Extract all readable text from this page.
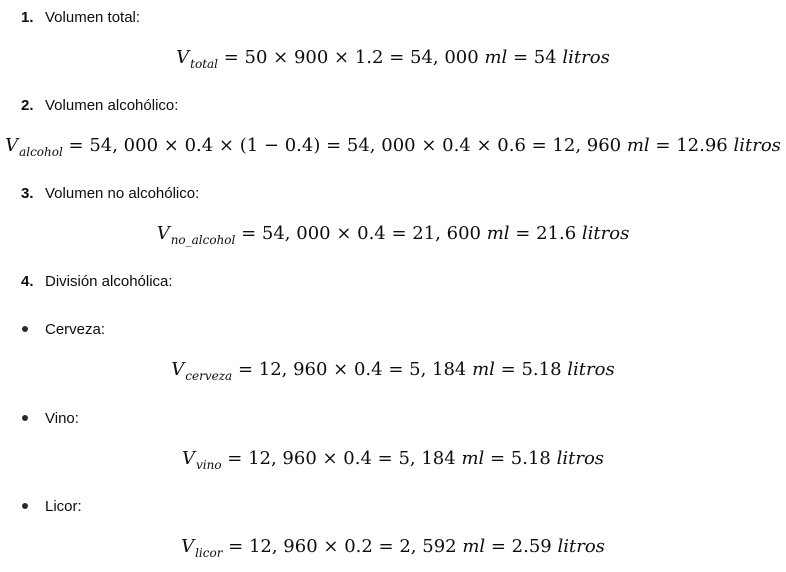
1. Volumen total:
$V_{total} = 50 \times 900 \times 1.2 = 54$, 000 ml = 54 litros
2. Volumen alcohólico:
$V_{alcohol} = 54$, 000 × 0.4 × (1 − 0.4) = 54, 000 × 0.4 × 0.6 = 12, 960 ml = 12.96 litros
3. Volumen no alcohólico:
$V_{no\_alcohol} = 54$, 000 × 0.4 = 21, 600 ml = 21.6 litros
4. División alcohólica:
Cerveza:
$V_{cerveza} = 12$, 960 × 0.4 = 5, 184 ml = 5.18 litros
Vino:
$V_{vino} = 12$, 960 × 0.4 = 5, 184 ml = 5.18 litros
Licor:
$V_{licor} = 12$, 960 × 0.2 = 2, 592 ml = 2.59 litros
